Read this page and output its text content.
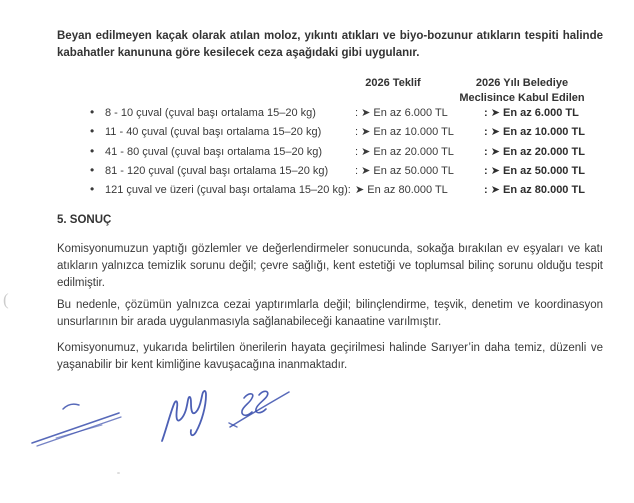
Beyan edilmeyen kaçak olarak atılan moloz, yıkıntı atıkları ve biyo-bozunur atıkların tespiti halinde kabahatler kanununa göre kesilecek ceza aşağıdaki gibi uygulanır.

2026 Teklif	2026 Yılı Belediye Meclisince Kabul Edilen
• 8 - 10 çuval (çuval başı ortalama 15–20 kg)	: ➤ En az 6.000 TL	: ➤ En az 6.000 TL
• 11 - 40 çuval (çuval başı ortalama 15–20 kg)	: ➤ En az 10.000 TL	: ➤ En az 10.000 TL
• 41 - 80 çuval (çuval başı ortalama 15–20 kg)	: ➤ En az 20.000 TL	: ➤ En az 20.000 TL
• 81 - 120 çuval (çuval başı ortalama 15–20 kg)	: ➤ En az 50.000 TL	: ➤ En az 50.000 TL
• 121 çuval ve üzeri (çuval başı ortalama 15–20 kg): ➤ En az 80.000 TL	: ➤ En az 80.000 TL
5. SONUÇ

Komisyonumuzun yaptığı gözlemler ve değerlendirmeler sonucunda, sokağa bırakılan ev eşyaları ve katı atıkların yalnızca temizlik sorunu değil; çevre sağlığı, kent estetiği ve toplumsal bilinç sorunu olduğu tespit edilmiştir.

Bu nedenle, çözümün yalnızca cezai yaptırımlarla değil; bilinçlendirme, teşvik, denetim ve koordinasyon unsurlarının bir arada uygulanmasıyla sağlanabileceği kanaatine varılmıştır.

Komisyonumuz, yukarıda belirtilen önerilerin hayata geçirilmesi halinde Sarıyer’in daha temiz, düzenli ve yaşanabilir bir kent kimliğine kavuşacağına inanmaktadır.

(
